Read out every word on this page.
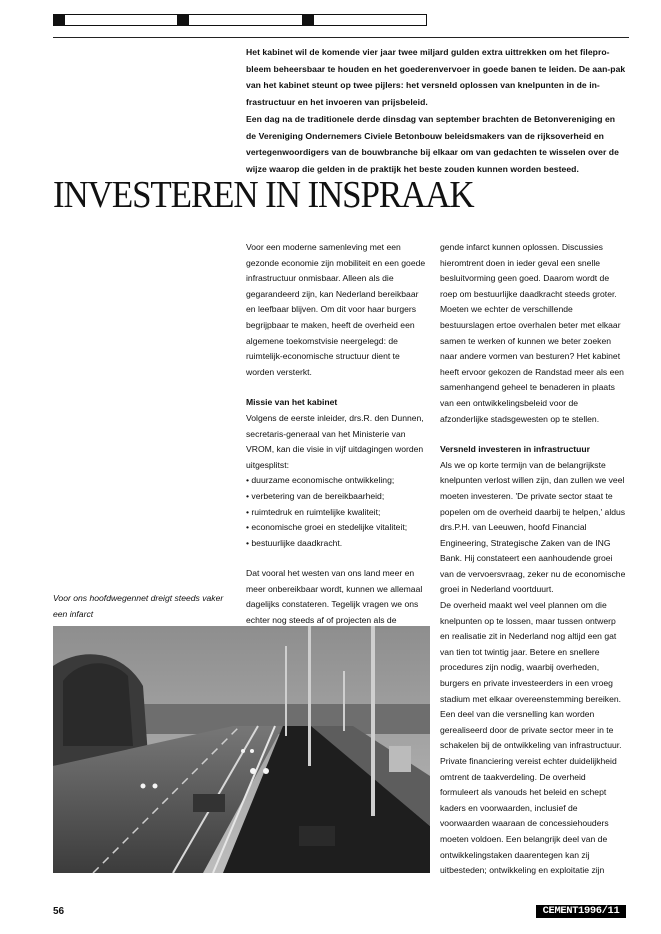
Het kabinet wil de komende vier jaar twee miljard gulden extra uittrekken om het filepro-bleem beheersbaar te houden en het goederenvervoer in goede banen te leiden. De aan-pak van het kabinet steunt op twee pijlers: het versneld oplossen van knelpunten in de in-frastructuur en het invoeren van prijsbeleid.

Een dag na de traditionele derde dinsdag van september brachten de Betonvereniging en de Vereniging Ondernemers Civiele Betonbouw beleidsmakers van de rijksoverheid en vertegenwoordigers van de bouwbranche bij elkaar om van gedachten te wisselen over de wijze waarop die gelden in de praktijk het beste zouden kunnen worden besteed.

INVESTEREN IN INSPRAAK

Voor een moderne samenleving met een gezonde economie zijn mobiliteit en een goede infrastructuur onmisbaar. Alleen als die gegarandeerd zijn, kan Nederland bereikbaar en leefbaar blijven. Om dit voor haar burgers begrijpbaar te maken, heeft de overheid een algemene toekomstvisie neergelegd: de ruimtelijk-economische structuur dient te worden versterkt.

Missie van het kabinet

Volgens de eerste inleider, drs.R. den Dunnen, secretaris-generaal van het Ministerie van VROM, kan die visie in vijf uitdagingen worden uitgesplitst:

• duurzame economische ontwikkeling;
• verbetering van de bereikbaarheid;
• ruimtedruk en ruimtelijke kwaliteit;
• economische groei en stedelijke vitaliteit;
• bestuurlijke daadkracht.

Dat vooral het westen van ons land meer en meer onbereikbaar wordt, kunnen we allemaal dagelijks constateren. Tegelijk vragen we ons echter nog steeds af of projecten als de

gende infarct kunnen oplossen. Discussies hieromtrent doen in ieder geval een snelle besluitvorming geen goed. Daarom wordt de roep om bestuurlijke daadkracht steeds groter.

Moeten we echter de verschillende bestuurslagen ertoe overhalen beter met elkaar samen te werken of kunnen we beter zoeken naar andere vormen van besturen? Het kabinet heeft ervoor gekozen de Randstad meer als een samenhangend geheel te benaderen in plaats van een ontwikkelingsbeleid voor de afzonderlijke stadsgewesten op te stellen.

Versneld investeren in infrastructuur

Als we op korte termijn van de belangrijkste knelpunten verlost willen zijn, dan zullen we veel moeten investeren. 'De private sector staat te popelen om de overheid daarbij te helpen,' aldus drs.P.H. van Leeuwen, hoofd Financial Engineering, Strategische Zaken van de ING Bank. Hij constateert een aanhoudende groei van de vervoersvraag, zeker nu de economische groei in Nederland voortduurt.

De overheid maakt wel veel plannen om die knelpunten op te lossen, maar tussen ontwerp en realisatie zit in Nederland nog altijd een gat van tien tot twintig jaar. Betere en snellere procedures zijn nodig, waarbij overheden, burgers en private investeerders in een vroeg stadium met elkaar overeenstemming bereiken. Een deel van die versnelling kan worden gerealiseerd door de private sector meer in te schakelen bij de ontwikkeling van infrastructuur.

Private financiering vereist echter duidelijkheid omtrent de taakverdeling. De overheid formuleert als vanouds het beleid en schept kaders en voorwaarden, inclusief de voorwaarden waaraan de concessiehouders moeten voldoen. Een belangrijk deel van de ontwikkelingstaken daarentegen kan zij uitbesteden; ontwikkeling en exploitatie zijn

Voor ons hoofdwegennet dreigt steeds vaker een infarct
56	CEMENT1996/11
